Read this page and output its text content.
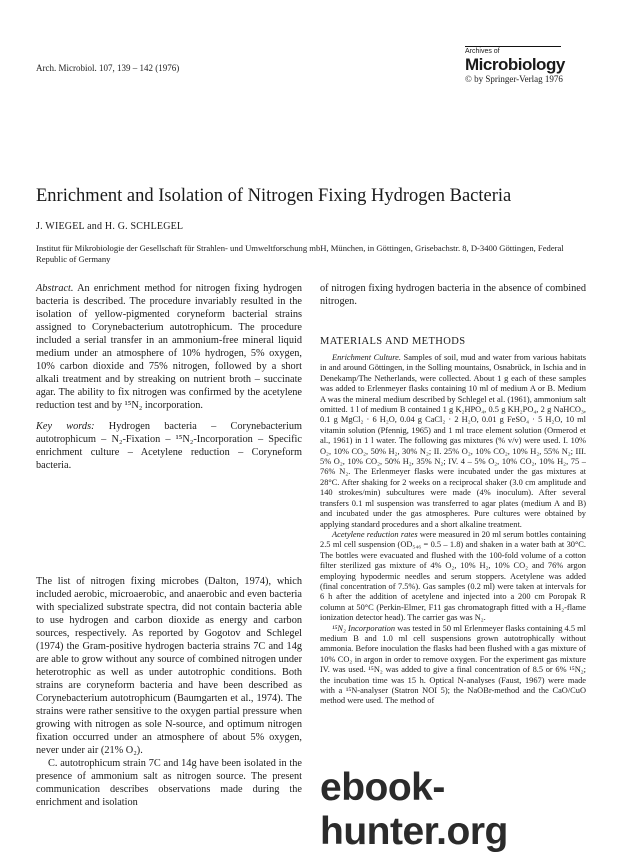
Arch. Microbiol. 107, 139 – 142 (1976)
Archives of
Microbiology
© by Springer-Verlag 1976
Enrichment and Isolation of Nitrogen Fixing Hydrogen Bacteria
J. WIEGEL and H. G. SCHLEGEL
Institut für Mikrobiologie der Gesellschaft für Strahlen- und Umweltforschung mbH, München, in Göttingen, Grisebachstr. 8, D-3400 Göttingen, Federal Republic of Germany

Abstract. An enrichment method for nitrogen fixing hydrogen bacteria is described. The procedure invariably resulted in the isolation of yellow-pigmented coryneform bacterial strains assigned to Corynebacterium autotrophicum. The procedure included a serial transfer in an ammonium-free mineral liquid medium under an atmosphere of 10% hydrogen, 5% oxygen, 10% carbon dioxide and 75% nitrogen, followed by a short alkali treatment and by streaking on nutrient broth – succinate agar. The ability to fix nitrogen was confirmed by the acetylene reduction test and by ¹⁵N₂ incorporation.

Key words: Hydrogen bacteria – Corynebacterium autotrophicum – N₂-Fixation – ¹⁵N₂-Incorporation – Specific enrichment culture – Acetylene reduction – Coryneform bacteria.

The list of nitrogen fixing microbes (Dalton, 1974), which included aerobic, microaerobic, and anaerobic and even bacteria with specialized substrate spectra, did not contain bacteria able to use hydrogen and carbon dioxide as energy and carbon sources, respectively. As reported by Gogotov and Schlegel (1974) the Gram-positive hydrogen bacteria strains 7C and 14g are able to grow without any source of combined nitrogen under heterotrophic as well as under autotrophic conditions. Both strains are coryneform bacteria and have been described as Corynebacterium autotrophicum (Baumgarten et al., 1974). The strains were rather sensitive to the oxygen partial pressure when growing with nitrogen as sole N-source, and optimum nitrogen fixation occurred under an atmosphere of about 5% oxygen, never under air (21% O₂).

C. autotrophicum strain 7C and 14g have been isolated in the presence of ammonium salt as nitrogen source. The present communication describes observations made during the enrichment and isolation

of nitrogen fixing hydrogen bacteria in the absence of combined nitrogen.

MATERIALS AND METHODS

Enrichment Culture. Samples of soil, mud and water from various habitats in and around Göttingen, in the Solling mountains, Osnabrück, in Ischia and in Denekamp/The Netherlands, were collected. About 1 g each of these samples was added to Erlenmeyer flasks containing 10 ml of medium A or B. Medium A was the mineral medium described by Schlegel et al. (1961), ammonium salt omitted. 1 l of medium B contained 1 g K₂HPO₄, 0.5 g KH₂PO₄, 2 g NaHCO₃, 0.1 g MgCl₂ · 6 H₂O, 0.04 g CaCl₂ · 2 H₂O, 0.01 g FeSO₄ · 5 H₂O, 10 ml vitamin solution (Pfennig, 1965) and 1 ml trace element solution (Ormerod et al., 1961) in 1 l water. The following gas mixtures (% v/v) were used. I. 10% O₂, 10% CO₂, 50% H₂, 30% N₂; II. 25% O₂, 10% CO₂, 10% H₂, 55% N₂; III. 5% O₂, 10% CO₂, 50% H₂, 35% N₂; IV. 4 – 5% O₂, 10% CO₂, 10% H₂, 75 – 76% N₂. The Erlenmeyer flasks were incubated under the gas mixtures at 28°C. After shaking for 2 weeks on a reciprocal shaker (3.0 cm amplitude and 140 strokes/min) subcultures were made (4% inoculum). After several transfers 0.1 ml suspension was transferred to agar plates (medium A and B) and incubated under the gas atmospheres. Pure cultures were obtained by applying standard procedures and a short alkaline treatment.

Acetylene reduction rates were measured in 20 ml serum bottles containing 2.5 ml cell suspension (OD₅₄₆ = 0.5 – 1.8) and shaken in a water bath at 30°C. The bottles were evacuated and flushed with the 100-fold volume of a cotton filter sterilized gas mixture of 4% O₂, 10% H₂, 10% CO₂ and 76% argon employing hypodermic needles and serum stoppers. Acetylene was added (final concentration of 7.5%). Gas samples (0.2 ml) were taken at intervals for 6 h after the addition of acetylene and injected into a 200 cm Poropak R column at 50°C (Perkin-Elmer, F11 gas chromatograph fitted with a H₂-flame ionization detector head). The carrier gas was N₂.

¹⁵N₂ Incorporation was tested in 50 ml Erlenmeyer flasks containing 4.5 ml medium B and 1.0 ml cell suspensions grown autotrophically without ammonia. Before inoculation the flasks had been flushed with a gas mixture of 10% CO₂ in argon in order to remove oxygen. For the experiment gas mixture IV. was used. ¹⁵N₂ was added to give a final concentration of 8.5 or 6% ¹⁵N₂; the incubation time was 15 h. Optical N-analyses (Faust, 1967) were made with a ¹⁵N-analyser (Statron NOI 5); the NaOBr-method and the CaO/CuO method were used. The method of

ebook-hunter.org
